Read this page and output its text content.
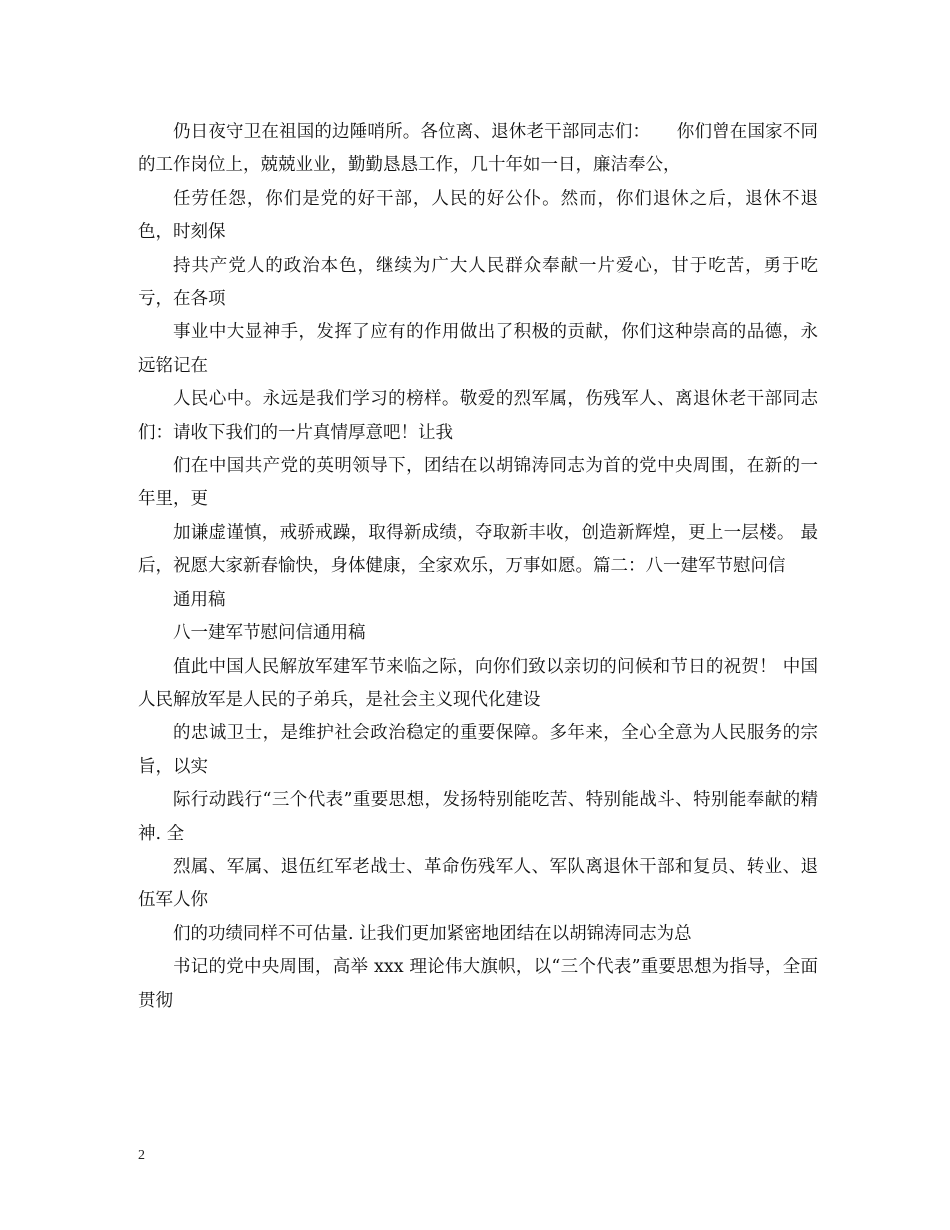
仍日夜守卫在祖国的边陲哨所。各位离、退休老干部同志们：　　你们曾在国家不同的工作岗位上，兢兢业业，勤勤恳恳工作，几十年如一日，廉洁奉公，

任劳任怨，你们是党的好干部，人民的好公仆。然而，你们退休之后，退休不退色，时刻保

持共产党人的政治本色，继续为广大人民群众奉献一片爱心，甘于吃苦，勇于吃亏，在各项

事业中大显神手，发挥了应有的作用做出了积极的贡献，你们这种崇高的品德，永远铭记在

人民心中。永远是我们学习的榜样。敬爱的烈军属，伤残军人、离退休老干部同志们：请收下我们的一片真情厚意吧！让我

们在中国共产党的英明领导下，团结在以胡锦涛同志为首的党中央周围，在新的一年里，更

加谦虚谨慎，戒骄戒躁，取得新成绩，夺取新丰收，创造新辉煌，更上一层楼。 最后，祝愿大家新春愉快，身体健康，全家欢乐，万事如愿。篇二：八一建军节慰问信

通用稿

八一建军节慰问信通用稿

值此中国人民解放军建军节来临之际，向你们致以亲切的问候和节日的祝贺！ 中国人民解放军是人民的子弟兵，是社会主义现代化建设

的忠诚卫士，是维护社会政治稳定的重要保障。多年来，全心全意为人民服务的宗旨，以实

际行动践行“三个代表”重要思想，发扬特别能吃苦、特别能战斗、特别能奉献的精神. 全

烈属、军属、退伍红军老战士、革命伤残军人、军队离退休干部和复员、转业、退伍军人你

们的功绩同样不可估量. 让我们更加紧密地团结在以胡锦涛同志为总

书记的党中央周围，高举 xxx 理论伟大旗帜，以“三个代表”重要思想为指导，全面贯彻

2
